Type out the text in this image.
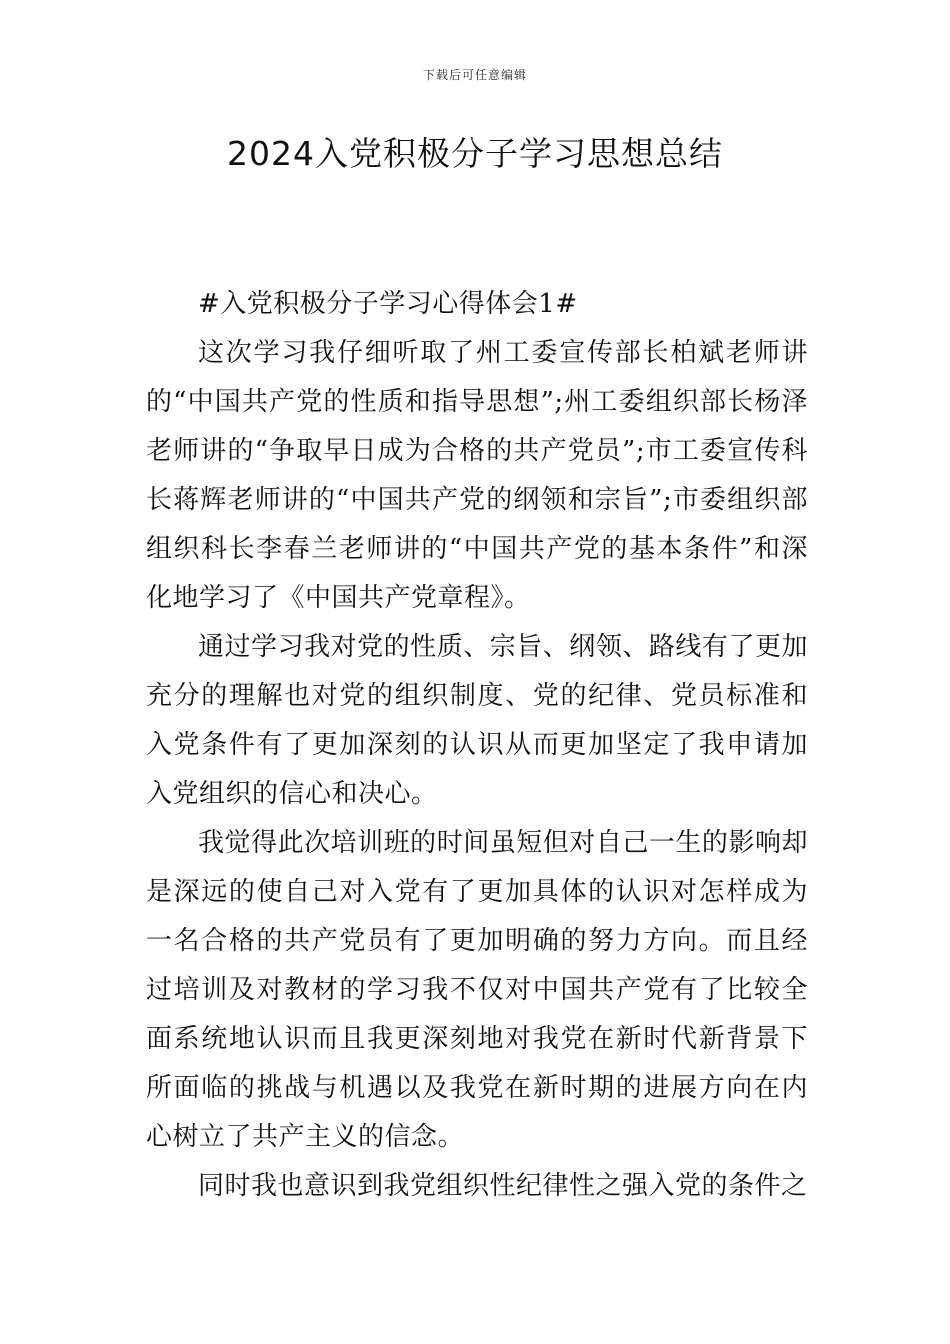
下载后可任意编辑
2024入党积极分子学习思想总结

#入党积极分子学习心得体会1#

这次学习我仔细听取了州工委宣传部长柏斌老师讲的“中国共产党的性质和指导思想”;州工委组织部长杨泽老师讲的“争取早日成为合格的共产党员”;市工委宣传科长蒋辉老师讲的“中国共产党的纲领和宗旨”;市委组织部组织科长李春兰老师讲的“中国共产党的基本条件”和深化地学习了《中国共产党章程》。

通过学习我对党的性质、宗旨、纲领、路线有了更加充分的理解也对党的组织制度、党的纪律、党员标准和入党条件有了更加深刻的认识从而更加坚定了我申请加入党组织的信心和决心。

我觉得此次培训班的时间虽短但对自己一生的影响却是深远的使自己对入党有了更加具体的认识对怎样成为一名合格的共产党员有了更加明确的努力方向。而且经过培训及对教材的学习我不仅对中国共产党有了比较全面系统地认识而且我更深刻地对我党在新时代新背景下所面临的挑战与机遇以及我党在新时期的进展方向在内心树立了共产主义的信念。

同时我也意识到我党组织性纪律性之强入党的条件之
